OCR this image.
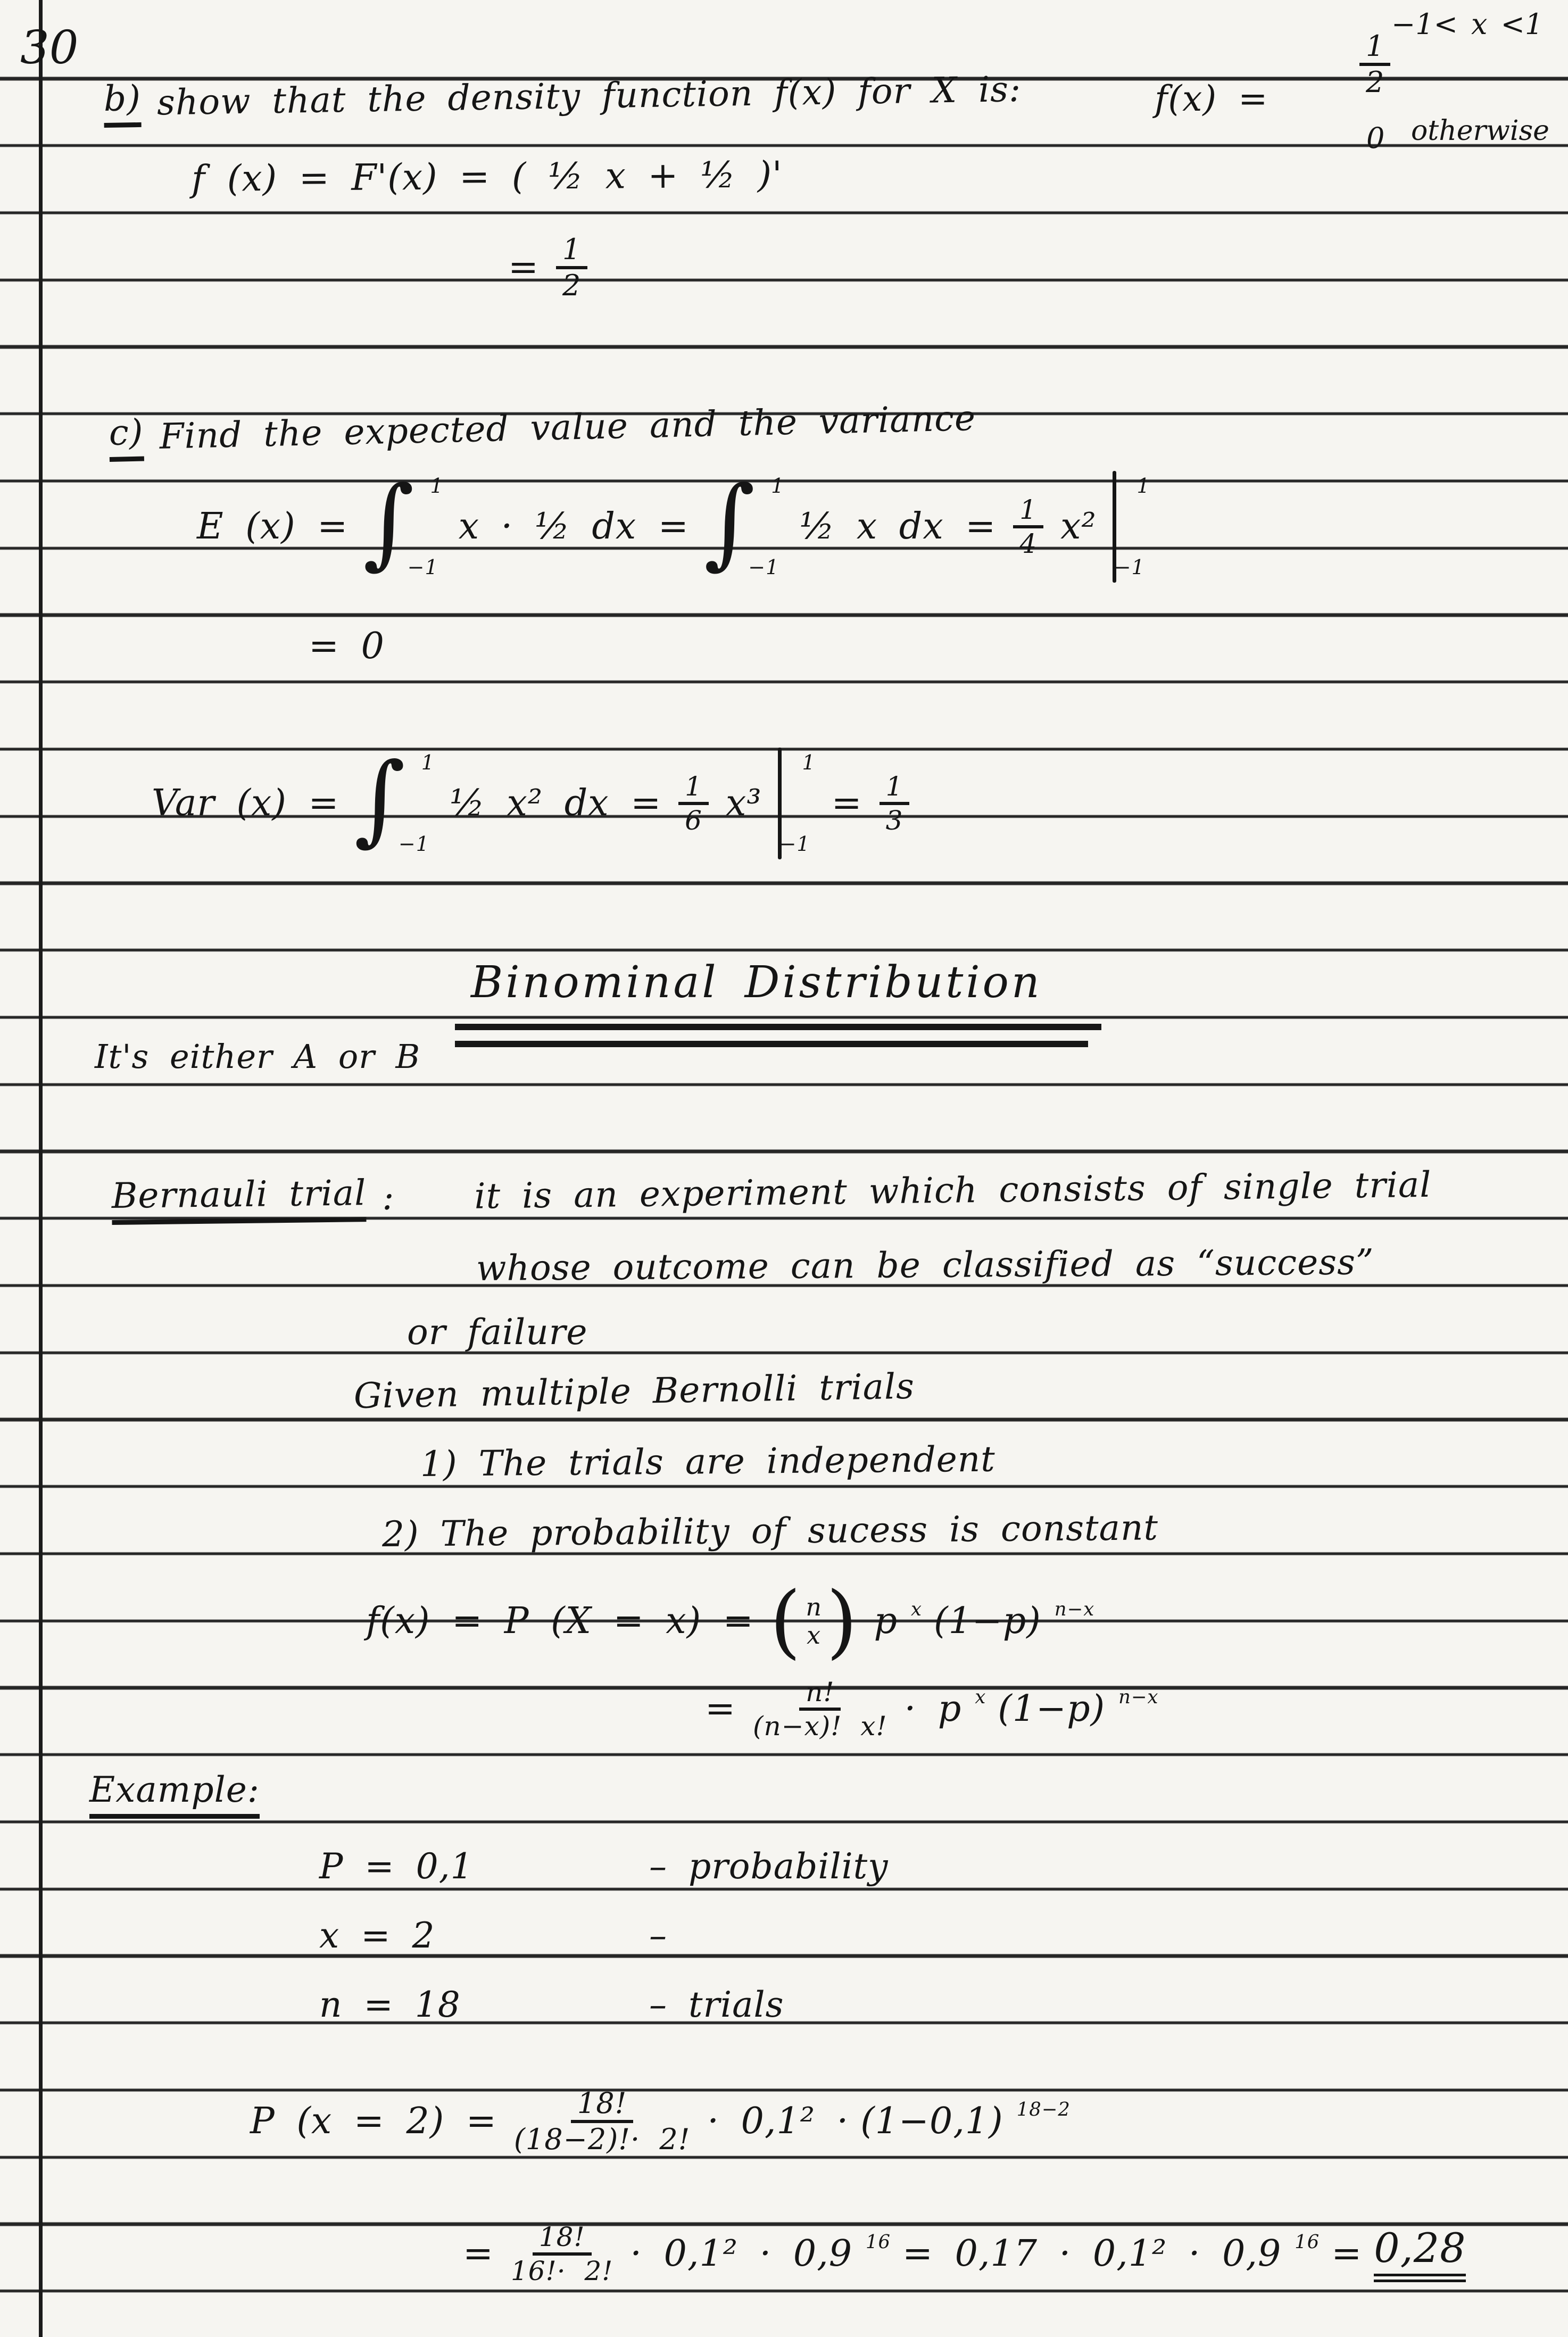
30	−1< x <1
b) show that the density function f(x) for X is:	f(x) =
$\frac{1}{2}$
0 otherwise
f (x) = F'(x) = ( ½ x + ½ )'
= $\frac{1}{2}$
c) Find the expected value and the variance
E (x) = ∫ 1
−1
x · ½ dx = ∫ 1
−1
½ x dx = $\frac{1}{4} x^2$
1
−1
= 0
Var (x) = ∫ 1
−1
½ x² dx = $\frac{1}{6} x^3$
1
−1
= $\frac{1}{3}$
Binominal Distribution
It's either A or B
Bernauli trial : it is an experiment which consists of single trial
whose outcome can be classified as “success”
or failure
Given multiple Bernolli trials
1) The trials are independent
2) The probability of sucess is constant
f(x) = P (X = x) = ( n
x ) p x (1−p) n−x
= $\frac{n!}{(n-x)! x!} \cdot p$ x (1−p) n−x
Example:
P = 0,1	– probability
x = 2	–
n = 18	– trials
P $(x = 2) = \frac{18!}{(18-2)!\cdot 2!} \cdot 0,1^2 \cdot (1-0,1)$ 18−2
= $\frac{18!}{16!\cdot 2!} \cdot 0,1^2 \cdot 0,9$ 16 = 0,17 · 0,1² · 0,9 16 = 0,28
